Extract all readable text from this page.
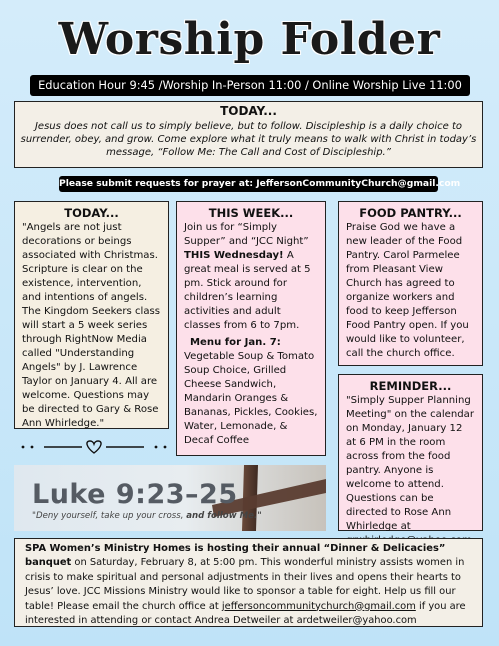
Worship Folder
Education Hour 9:45 /Worship In-Person 11:00 / Online Worship Live 11:00
TODAY...
Jesus does not call us to simply believe, but to follow. Discipleship is a daily choice to surrender, obey, and grow. Come explore what it truly means to walk with Christ in today’s message, “Follow Me: The Call and Cost of Discipleship.”
Please submit requests for prayer at: JeffersonCommunityChurch@gmail.com
TODAY...
"Angels are not just decorations or beings associated with Christmas. Scripture is clear on the existence, intervention, and intentions of angels. The Kingdom Seekers class will start a 5 week series through RightNow Media called "Understanding Angels" by J. Lawrence Taylor on January 4. All are welcome. Questions may be directed to Gary & Rose Ann Whirledge."
THIS WEEK...
Join us for “Simply Supper” and “JCC Night” THIS Wednesday! A great meal is served at 5 pm. Stick around for children’s learning activities and adult classes from 6 to 7pm.
Menu for Jan. 7:
Vegetable Soup & Tomato Soup Choice, Grilled Cheese Sandwich, Mandarin Oranges & Bananas, Pickles, Cookies, Water, Lemonade, & Decaf Coffee
FOOD PANTRY...
Praise God we have a new leader of the Food Pantry. Carol Parmelee from Pleasant View Church has agreed to organize workers and food to keep Jefferson Food Pantry open. If you would like to volunteer, call the church office.
REMINDER...
"Simply Supper Planning Meeting" on the calendar on Monday, January 12 at 6 PM in the room across from the food pantry. Anyone is welcome to attend. Questions can be directed to Rose Ann Whirledge at
Luke 9:23–25
"Deny yourself, take up your cross, and follow Me."
SPA Women’s Ministry Homes is hosting their annual “Dinner & Delicacies” banquet on Saturday, February 8, at 5:00 pm. This wonderful ministry assists women in crisis to make spiritual and personal adjustments in their lives and opens their hearts to Jesus’ love. JCC Missions Ministry would like to sponsor a table for eight. Help us fill our table! Please email the church office at jeffersoncommunitychurch@gmail.com if you are interested in attending or contact Andrea Detweiler at ardetweiler@yahoo.com
